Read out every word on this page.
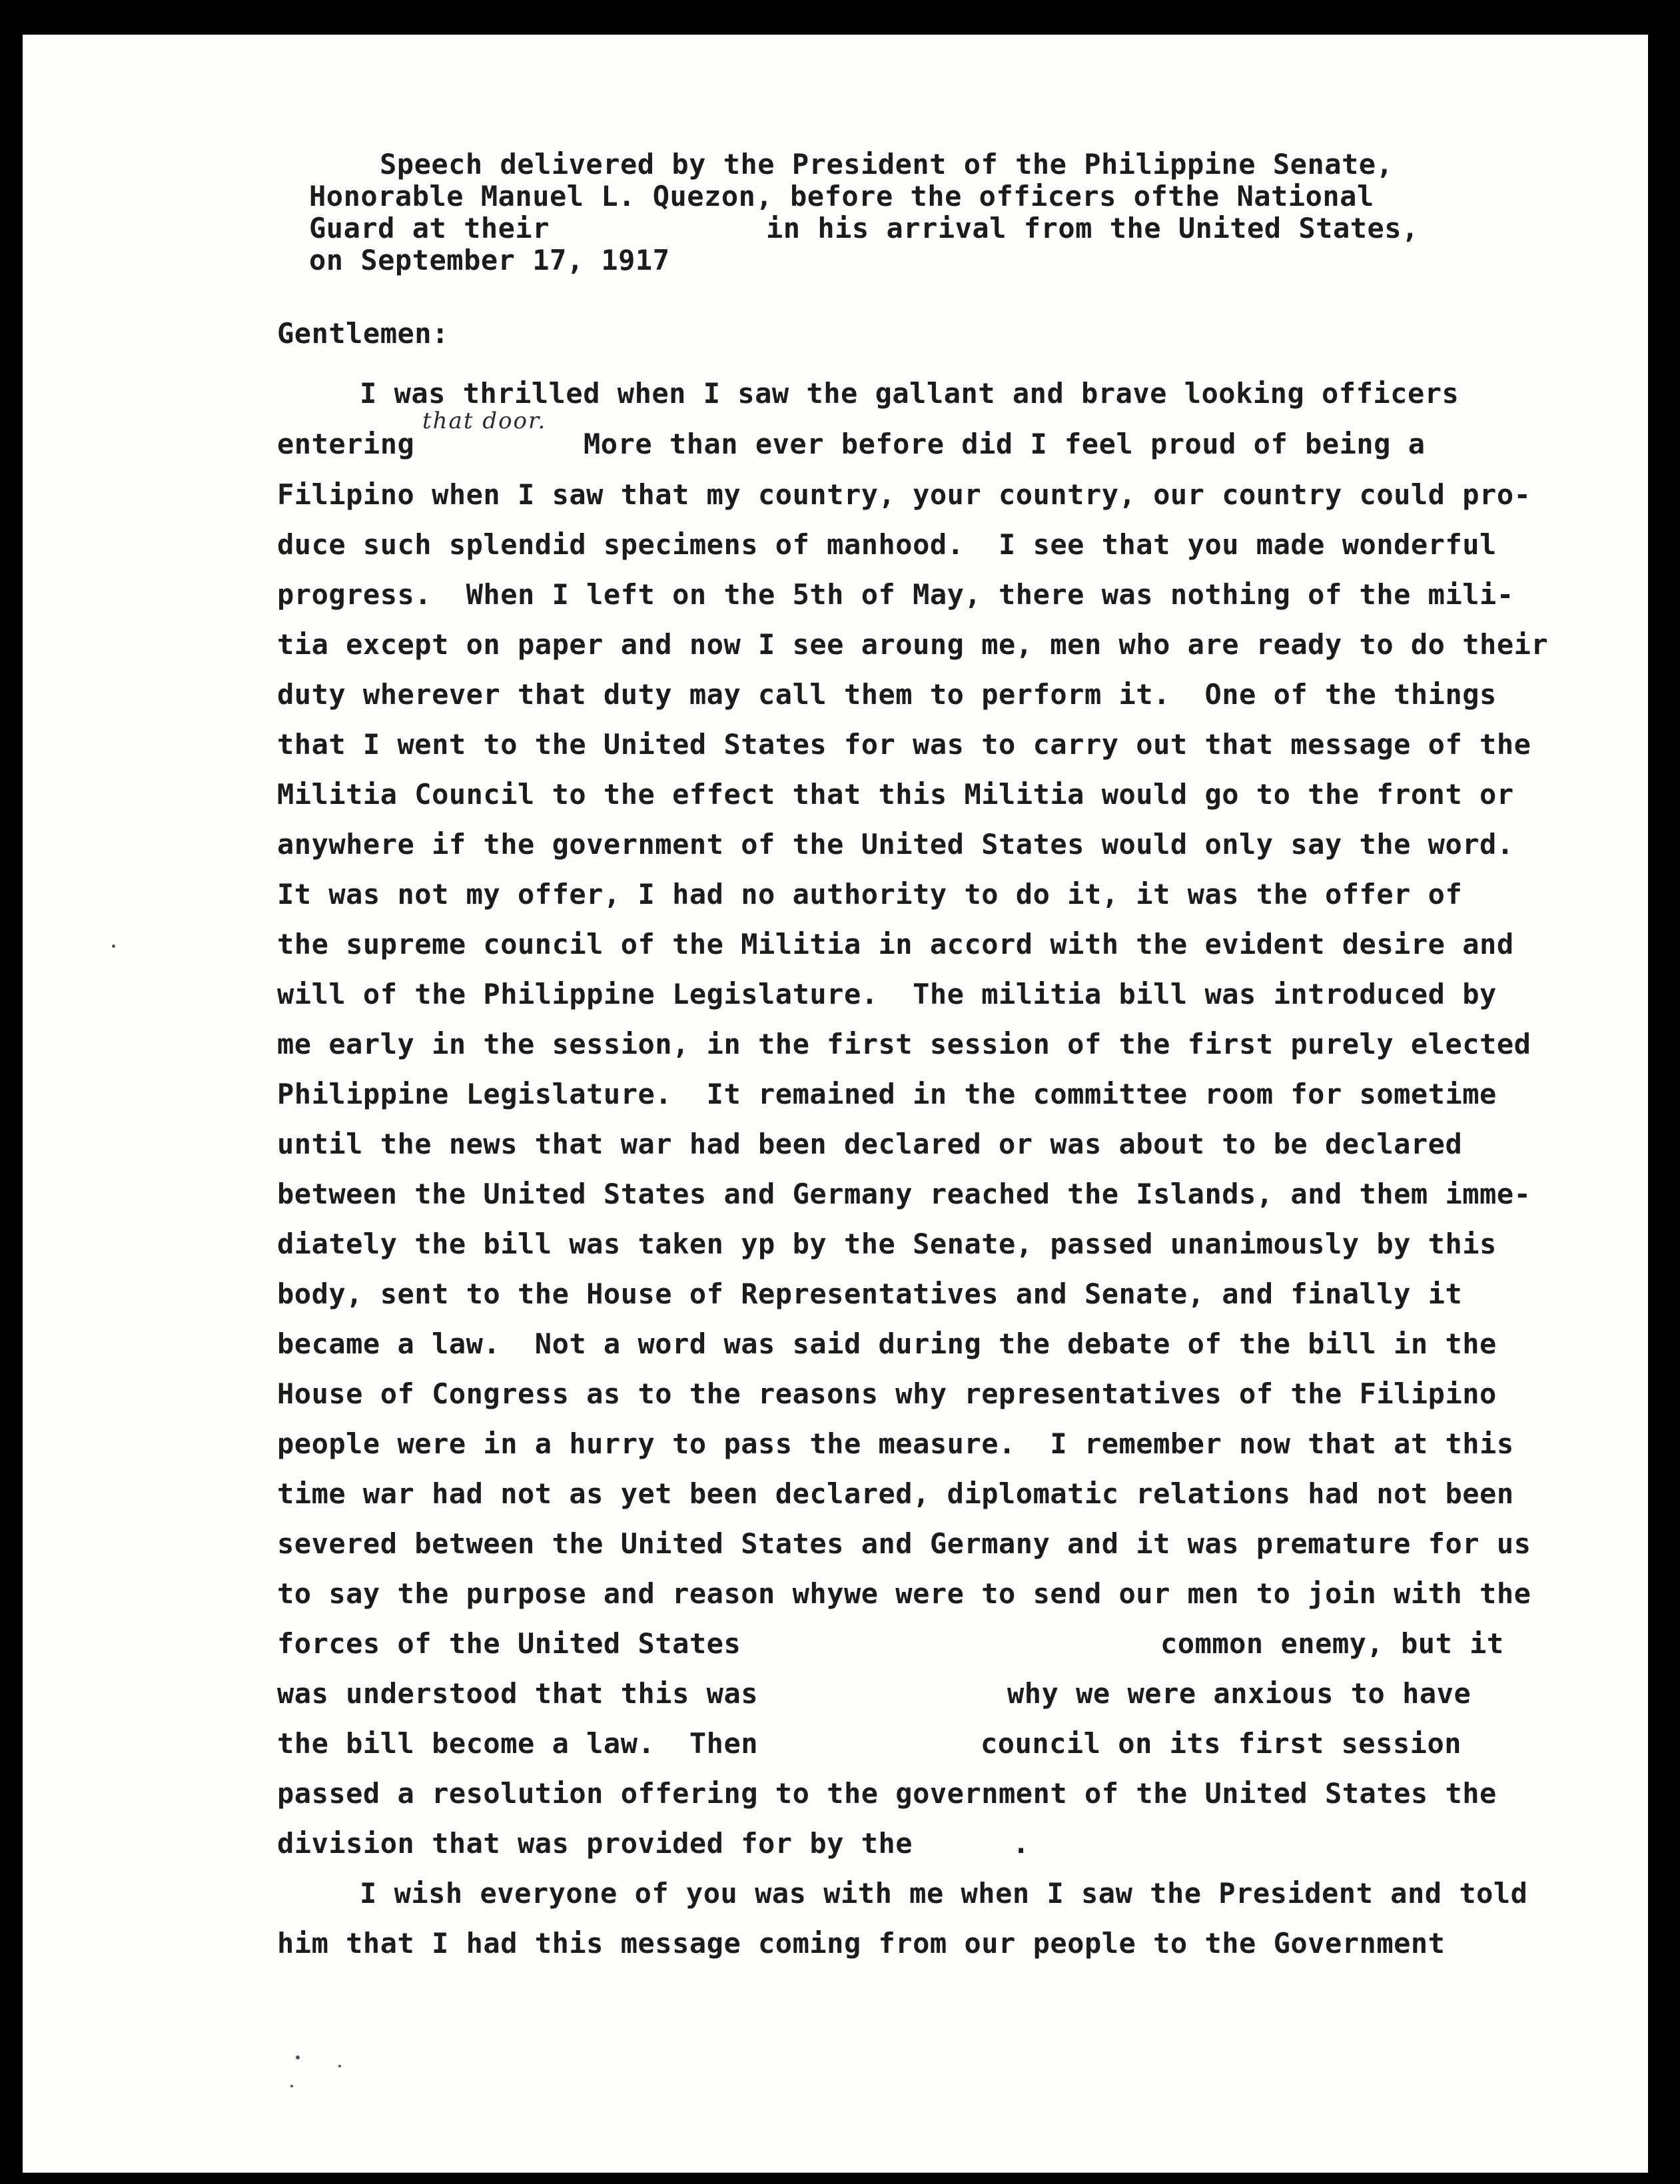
Speech delivered by the President of the Philippine Senate,

Honorable Manuel L. Quezon, before the officers ofthe National

Guard at their

	in his arrival from the United States,

on September 17, 1917

Gentlemen:
I was thrilled when I saw the gallant and brave looking officers
entering
that door.
More than ever before did I feel proud of being a
Filipino when I saw that my country, your country, our country could pro-
duce such splendid specimens of manhood.  I see that you made wonderful
progress.  When I left on the 5th of May, there was nothing of the mili-
tia except on paper and now I see aroung me, men who are ready to do their
duty wherever that duty may call them to perform it.  One of the things
that I went to the United States for was to carry out that message of the
Militia Council to the effect that this Militia would go to the front or
anywhere if the government of the United States would only say the word.
It was not my offer, I had no authority to do it, it was the offer of
the supreme council of the Militia in accord with the evident desire and
will of the Philippine Legislature.  The militia bill was introduced by
me early in the session, in the first session of the first purely elected
Philippine Legislature.  It remained in the committee room for sometime
until the news that war had been declared or was about to be declared
between the United States and Germany reached the Islands, and them imme-
diately the bill was taken yp by the Senate, passed unanimously by this
body, sent to the House of Representatives and Senate, and finally it
became a law.  Not a word was said during the debate of the bill in the
House of Congress as to the reasons why representatives of the Filipino
people were in a hurry to pass the measure.  I remember now that at this
time war had not as yet been declared, diplomatic relations had not been
severed between the United States and Germany and it was premature for us
to say the purpose and reason whywe were to send our men to join with the
forces of the United States	common enemy, but it
was understood that this was	why we were anxious to have
the bill become a law.  Then	council on its first session
passed a resolution offering to the government of the United States the
division that was provided for by the	.
I wish everyone of you was with me when I saw the President and told
him that I had this message coming from our people to the Government
